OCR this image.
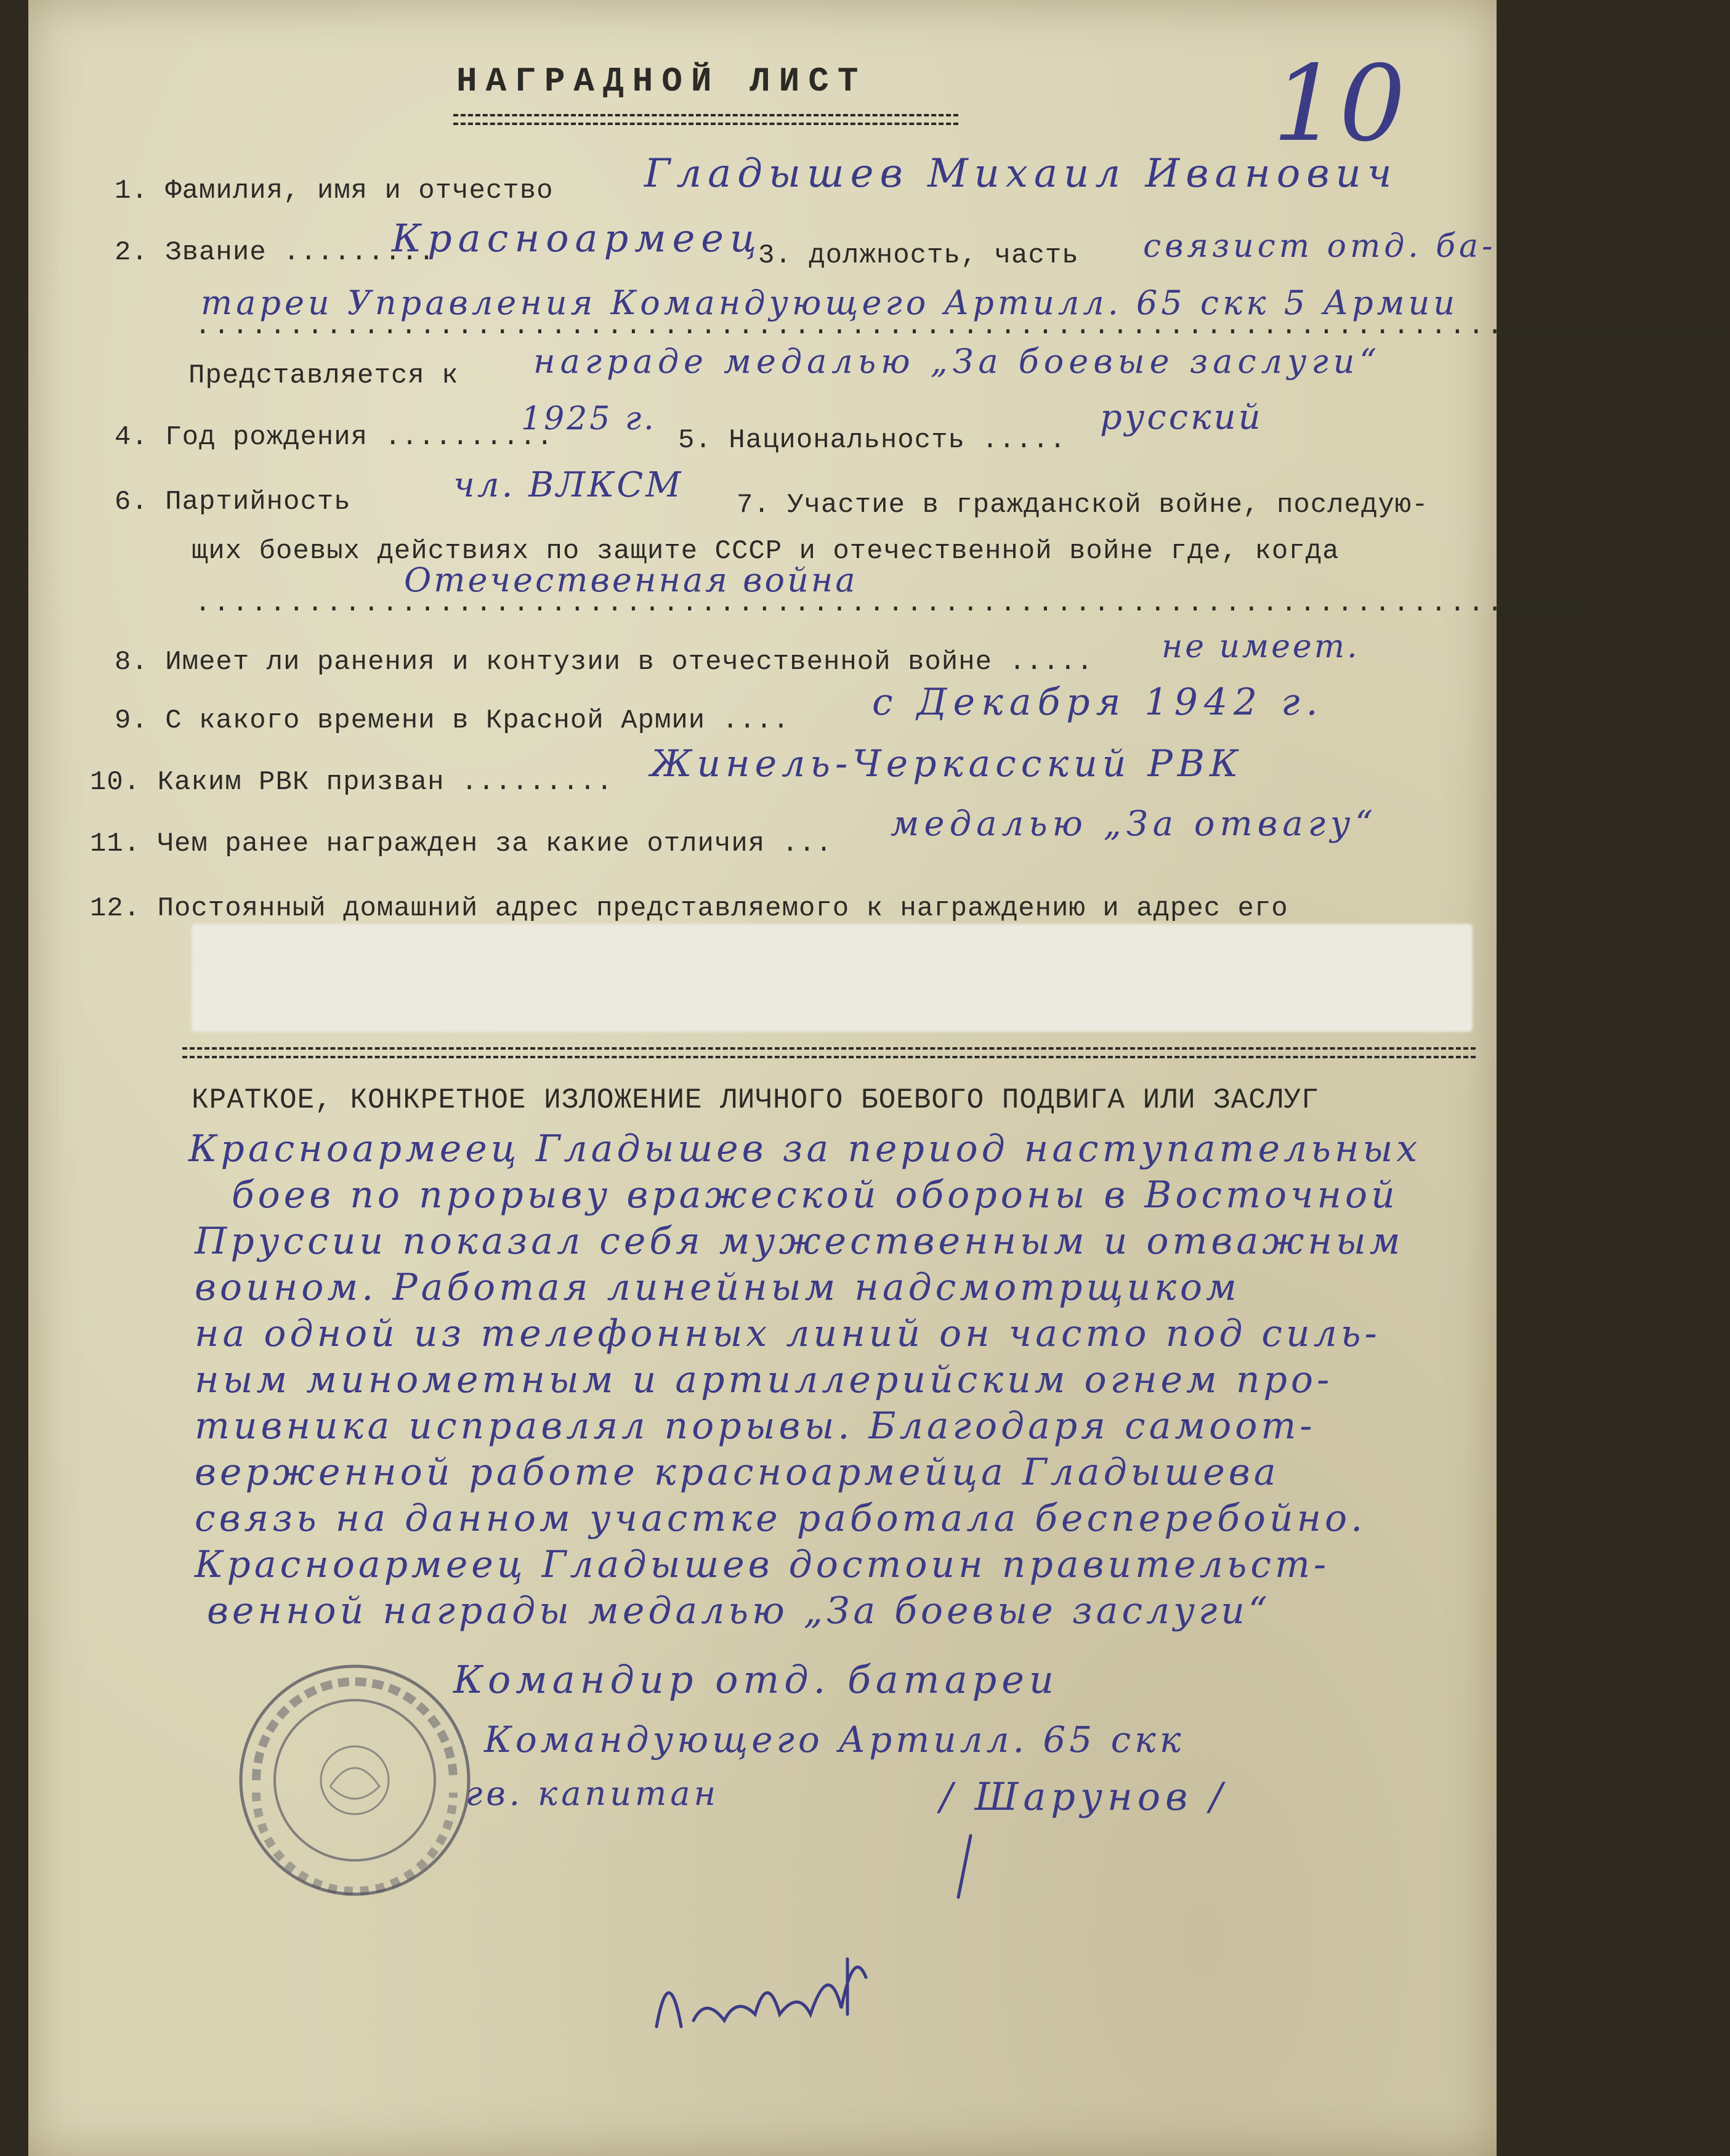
НАГРАДНОЙ ЛИСТ	10
1. Фамилия, имя и отчество Гладышев Михаил Иванович
2. Звание .........
Красноармеец
3. должность, часть связист отд. ба-
тареи Управления Командующего Артилл. 65 скк 5 Армии
..................................................................................
Представляется к награде медалью „За боевые заслуги“
4. Год рождения ..........
1925 г.
5. Национальность .....
русский
6. Партийность	чл. ВЛКСМ 7. Участие в гражданской войне, последую-
щих боевых действиях по защите СССР и отечественной войне где, когда
Отечественная война
..........................................................................
8. Имеет ли ранения и контузии в отечественной войне ..... не имеет.
9. С какого времени в Красной Армии .... с Декабря 1942 г.
10. Каким РВК призван ......... Жинель-Черкасский РВК
11. Чем ранее награжден за какие отличия ... медалью „За отвагу“
12. Постоянный домашний адрес представляемого к награждению и адрес его
КРАТКОЕ, КОНКРЕТНОЕ ИЗЛОЖЕНИЕ ЛИЧНОГО БОЕВОГО ПОДВИГА ИЛИ ЗАСЛУГ
Красноармеец Гладышев за период наступательных
боев по прорыву вражеской обороны в Восточной
Пруссии показал себя мужественным и отважным
воином. Работая линейным надсмотрщиком
на одной из телефонных линий он часто под силь-
ным минометным и артиллерийским огнем про-
тивника исправлял порывы. Благодаря самоот-
верженной работе красноармейца Гладышева
связь на данном участке работала бесперебойно.
Красноармеец Гладышев достоин правительст-
венной награды медалью „За боевые заслуги“
Командир отд. батареи
Командующего Артилл. 65 скк
гв. капитан	/ Шарунов /
